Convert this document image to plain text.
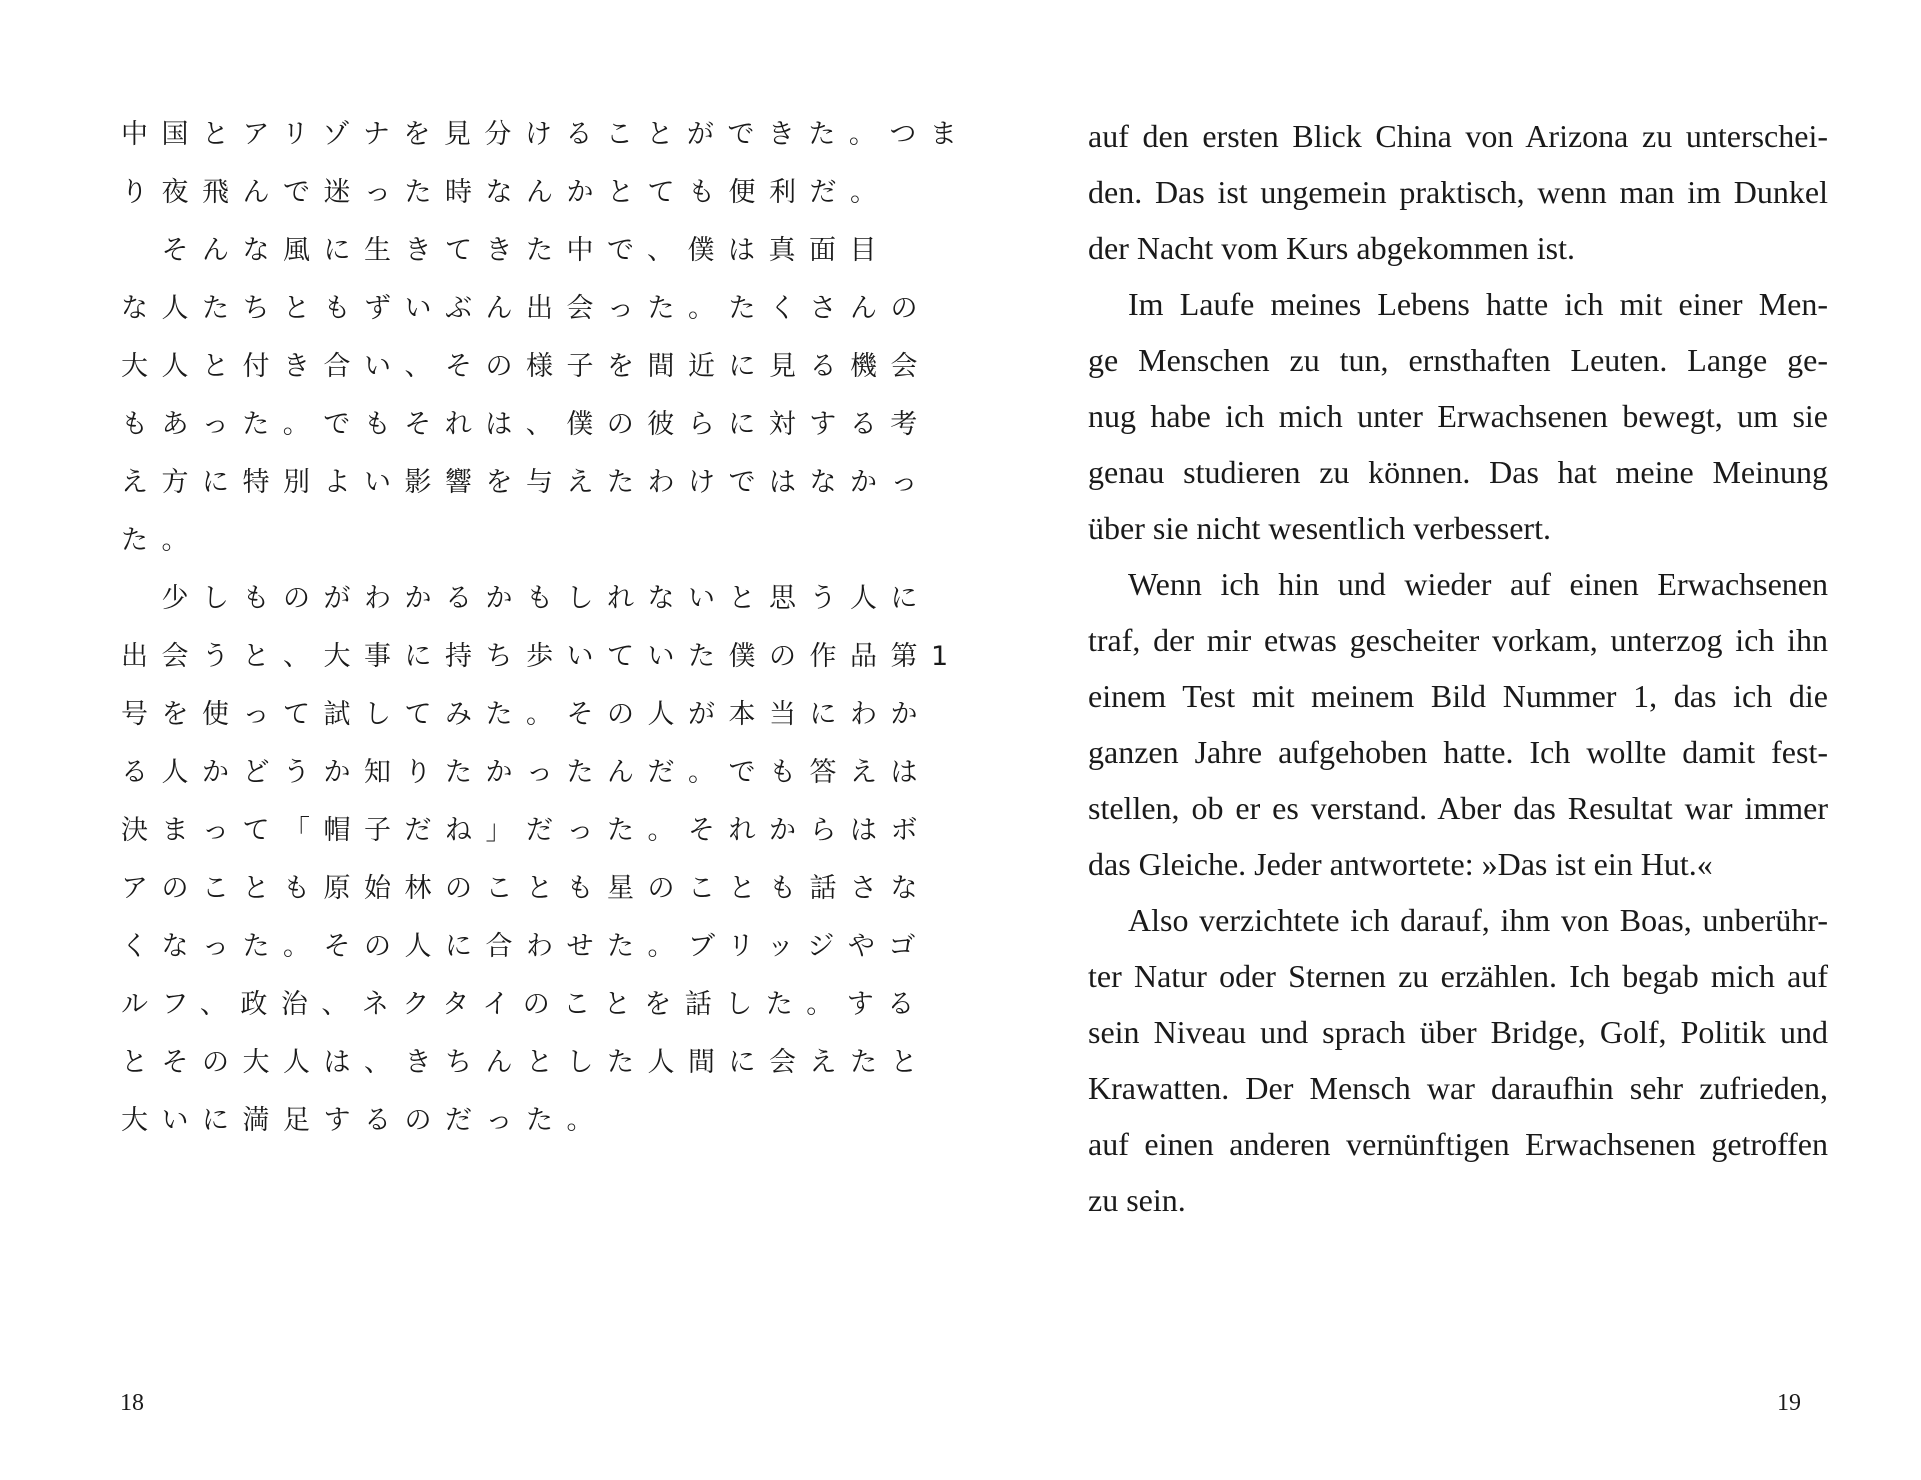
中国とアリゾナを見分けることができた。つま
り夜飛んで迷った時なんかとても便利だ。
　そんな風に生きてきた中で、僕は真面目
な人たちともずいぶん出会った。たくさんの
大人と付き合い、その様子を間近に見る機会
もあった。でもそれは、僕の彼らに対する考
え方に特別よい影響を与えたわけではなかっ
た。
　少しものがわかるかもしれないと思う人に
出会うと、大事に持ち歩いていた僕の作品第1
号を使って試してみた。その人が本当にわか
る人かどうか知りたかったんだ。でも答えは
決まって「帽子だね」だった。それからはボ
アのことも原始林のことも星のことも話さな
くなった。その人に合わせた。ブリッジやゴ
ルフ、政治、ネクタイのことを話した。する
とその大人は、きちんとした人間に会えたと
大いに満足するのだった。
18
auf den ersten Blick China von Arizona zu unterschei-
den. Das ist ungemein praktisch, wenn man im Dunkel
der Nacht vom Kurs abgekommen ist.
Im Laufe meines Lebens hatte ich mit einer Men-
ge Menschen zu tun, ernsthaften Leuten. Lange ge-
nug habe ich mich unter Erwachsenen bewegt, um sie
genau studieren zu können. Das hat meine Meinung
über sie nicht wesentlich verbessert.
Wenn ich hin und wieder auf einen Erwachsenen
traf, der mir etwas gescheiter vorkam, unterzog ich ihn
einem Test mit meinem Bild Nummer 1, das ich die
ganzen Jahre aufgehoben hatte. Ich wollte damit fest-
stellen, ob er es verstand. Aber das Resultat war immer
das Gleiche. Jeder antwortete: »Das ist ein Hut.«
Also verzichtete ich darauf, ihm von Boas, unberühr-
ter Natur oder Sternen zu erzählen. Ich begab mich auf
sein Niveau und sprach über Bridge, Golf, Politik und
Krawatten. Der Mensch war daraufhin sehr zufrieden,
auf einen anderen vernünftigen Erwachsenen getroffen
zu sein.
19
